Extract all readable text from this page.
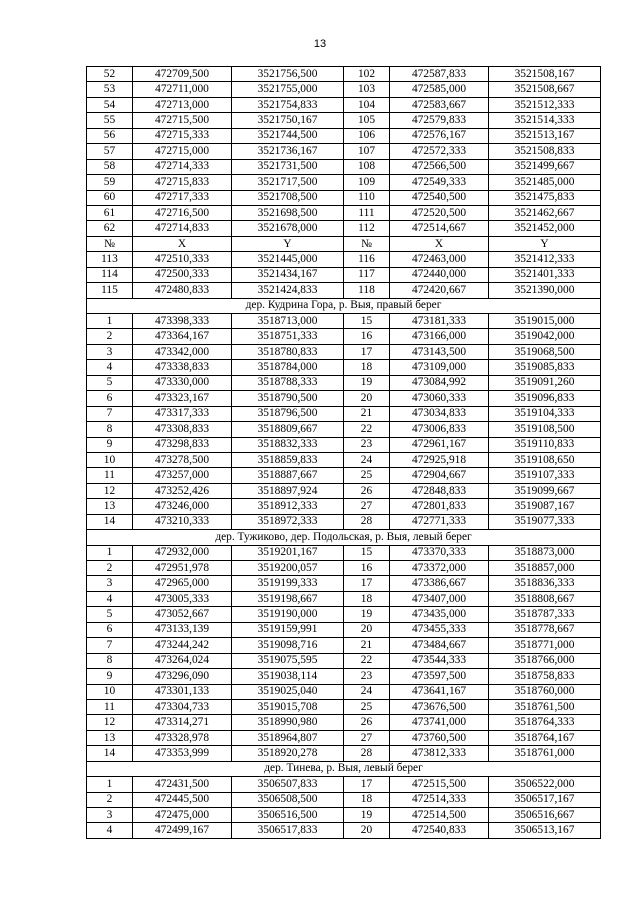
13
52	472709,500	3521756,500	102	472587,833	3521508,167
53	472711,000	3521755,000	103	472585,000	3521508,667
54	472713,000	3521754,833	104	472583,667	3521512,333
55	472715,500	3521750,167	105	472579,833	3521514,333
56	472715,333	3521744,500	106	472576,167	3521513,167
57	472715,000	3521736,167	107	472572,333	3521508,833
58	472714,333	3521731,500	108	472566,500	3521499,667
59	472715,833	3521717,500	109	472549,333	3521485,000
60	472717,333	3521708,500	110	472540,500	3521475,833
61	472716,500	3521698,500	111	472520,500	3521462,667
62	472714,833	3521678,000	112	472514,667	3521452,000
№	X	Y	№	X	Y
113	472510,333	3521445,000	116	472463,000	3521412,333
114	472500,333	3521434,167	117	472440,000	3521401,333
115	472480,833	3521424,833	118	472420,667	3521390,000
дер. Кудрина Гора, р. Выя, правый берег					
1	473398,333	3518713,000	15	473181,333	3519015,000
2	473364,167	3518751,333	16	473166,000	3519042,000
3	473342,000	3518780,833	17	473143,500	3519068,500
4	473338,833	3518784,000	18	473109,000	3519085,833
5	473330,000	3518788,333	19	473084,992	3519091,260
6	473323,167	3518790,500	20	473060,333	3519096,833
7	473317,333	3518796,500	21	473034,833	3519104,333
8	473308,833	3518809,667	22	473006,833	3519108,500
9	473298,833	3518832,333	23	472961,167	3519110,833
10	473278,500	3518859,833	24	472925,918	3519108,650
11	473257,000	3518887,667	25	472904,667	3519107,333
12	473252,426	3518897,924	26	472848,833	3519099,667
13	473246,000	3518912,333	27	472801,833	3519087,167
14	473210,333	3518972,333	28	472771,333	3519077,333
дер. Тужиково, дер. Подольская, р. Выя, левый берег					
1	472932,000	3519201,167	15	473370,333	3518873,000
2	472951,978	3519200,057	16	473372,000	3518857,000
3	472965,000	3519199,333	17	473386,667	3518836,333
4	473005,333	3519198,667	18	473407,000	3518808,667
5	473052,667	3519190,000	19	473435,000	3518787,333
6	473133,139	3519159,991	20	473455,333	3518778,667
7	473244,242	3519098,716	21	473484,667	3518771,000
8	473264,024	3519075,595	22	473544,333	3518766,000
9	473296,090	3519038,114	23	473597,500	3518758,833
10	473301,133	3519025,040	24	473641,167	3518760,000
11	473304,733	3519015,708	25	473676,500	3518761,500
12	473314,271	3518990,980	26	473741,000	3518764,333
13	473328,978	3518964,807	27	473760,500	3518764,167
14	473353,999	3518920,278	28	473812,333	3518761,000
дер. Тинева, р. Выя, левый берег					
1	472431,500	3506507,833	17	472515,500	3506522,000
2	472445,500	3506508,500	18	472514,333	3506517,167
3	472475,000	3506516,500	19	472514,500	3506516,667
4	472499,167	3506517,833	20	472540,833	3506513,167
